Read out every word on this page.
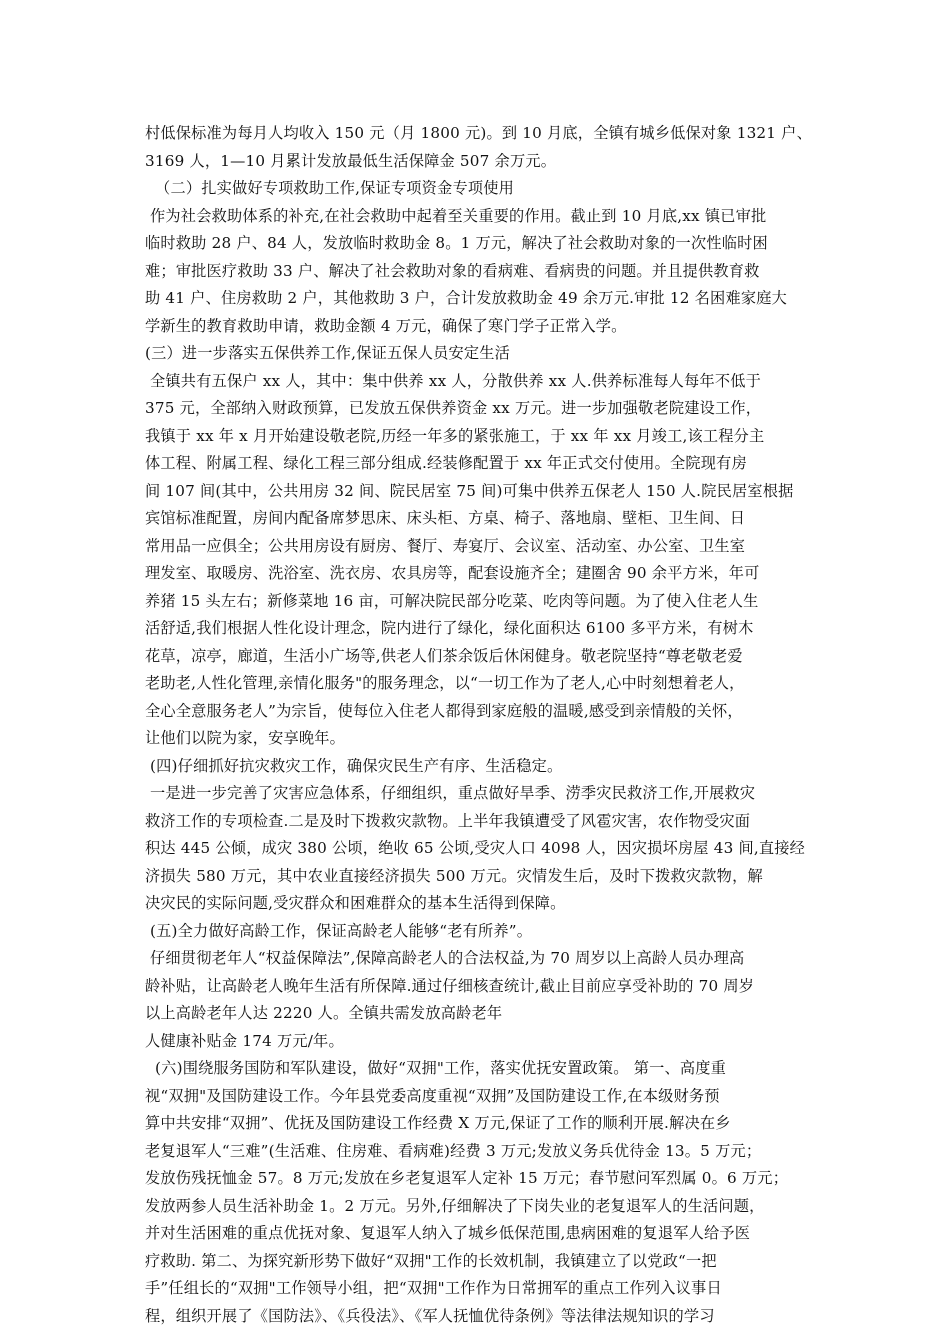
村低保标准为每月人均收入 150 元（月 1800 元)。到 10 月底，全镇有城乡低保对象 1321 户、
3169 人，1—10 月累计发放最低生活保障金 507 余万元。
（二）扎实做好专项救助工作,保证专项资金专项使用
作为社会救助体系的补充,在社会救助中起着至关重要的作用。截止到 10 月底,xx 镇已审批
临时救助 28 户、84 人，发放临时救助金 8。1 万元，解决了社会救助对象的一次性临时困
难；审批医疗救助 33 户、解决了社会救助对象的看病难、看病贵的问题。并且提供教育救
助 41 户、住房救助 2 户，其他救助 3 户，合计发放救助金 49 余万元.审批 12 名困难家庭大
学新生的教育救助申请，救助金额 4 万元，确保了寒门学子正常入学。
(三）进一步落实五保供养工作,保证五保人员安定生活
全镇共有五保户 xx 人，其中：集中供养 xx 人，分散供养 xx 人.供养标准每人每年不低于
375 元，全部纳入财政预算，已发放五保供养资金 xx 万元。进一步加强敬老院建设工作，
我镇于 xx 年 x 月开始建设敬老院,历经一年多的紧张施工，于 xx 年 xx 月竣工,该工程分主
体工程、附属工程、绿化工程三部分组成.经装修配置于 xx 年正式交付使用。全院现有房
间 107 间(其中，公共用房 32 间、院民居室 75 间)可集中供养五保老人 150 人.院民居室根据
宾馆标准配置，房间内配备席梦思床、床头柜、方桌、椅子、落地扇、壁柜、卫生间、日
常用品一应俱全；公共用房设有厨房、餐厅、寿宴厅、会议室、活动室、办公室、卫生室
理发室、取暖房、洗浴室、洗衣房、农具房等，配套设施齐全；建圈舍 90 余平方米，年可
养猪 15 头左右；新修菜地 16 亩，可解决院民部分吃菜、吃肉等问题。为了使入住老人生
活舒适,我们根据人性化设计理念，院内进行了绿化，绿化面积达 6100 多平方米，有树木
花草，凉亭，廊道，生活小广场等,供老人们茶余饭后休闲健身。敬老院坚持“尊老敬老爱
老助老,人性化管理,亲情化服务"的服务理念，以“一切工作为了老人,心中时刻想着老人，
全心全意服务老人”为宗旨，使每位入住老人都得到家庭般的温暖,感受到亲情般的关怀，
让他们以院为家，安享晚年。
(四)仔细抓好抗灾救灾工作，确保灾民生产有序、生活稳定。
一是进一步完善了灾害应急体系，仔细组织，重点做好旱季、涝季灾民救济工作,开展救灾
救济工作的专项检查.二是及时下拨救灾款物。上半年我镇遭受了风雹灾害，农作物受灾面
积达 445 公倾，成灾 380 公顷，绝收 65 公顷,受灾人口 4098 人，因灾损坏房屋 43 间,直接经
济损失 580 万元，其中农业直接经济损失 500 万元。灾情发生后，及时下拨救灾款物，解
决灾民的实际问题,受灾群众和困难群众的基本生活得到保障。
(五)全力做好高龄工作，保证高龄老人能够“老有所养”。
仔细贯彻老年人“权益保障法”,保障高龄老人的合法权益,为 70 周岁以上高龄人员办理高
龄补贴，让高龄老人晚年生活有所保障.通过仔细核查统计,截止目前应享受补助的 70 周岁
以上高龄老年人达 2220 人。全镇共需发放高龄老年
人健康补贴金 174 万元/年。
(六)围绕服务国防和军队建设，做好“双拥"工作，落实优抚安置政策。 第一、高度重
视“双拥"及国防建设工作。今年县党委高度重视“双拥”及国防建设工作,在本级财务预
算中共安排“双拥”、优抚及国防建设工作经费 X 万元,保证了工作的顺利开展.解决在乡
老复退军人“三难”(生活难、住房难、看病难)经费 3 万元;发放义务兵优待金 13。5 万元；
发放伤残抚恤金 57。8 万元;发放在乡老复退军人定补 15 万元；春节慰问军烈属 0。6 万元；
发放两参人员生活补助金 1。2 万元。另外,仔细解决了下岗失业的老复退军人的生活问题，
并对生活困难的重点优抚对象、复退军人纳入了城乡低保范围,患病困难的复退军人给予医
疗救助. 第二、为探究新形势下做好“双拥"工作的长效机制，我镇建立了以党政“一把
手”任组长的“双拥"工作领导小组，把“双拥"工作作为日常拥军的重点工作列入议事日
程，组织开展了《国防法》、《兵役法》、《军人抚恤优待条例》等法律法规知识的学习
